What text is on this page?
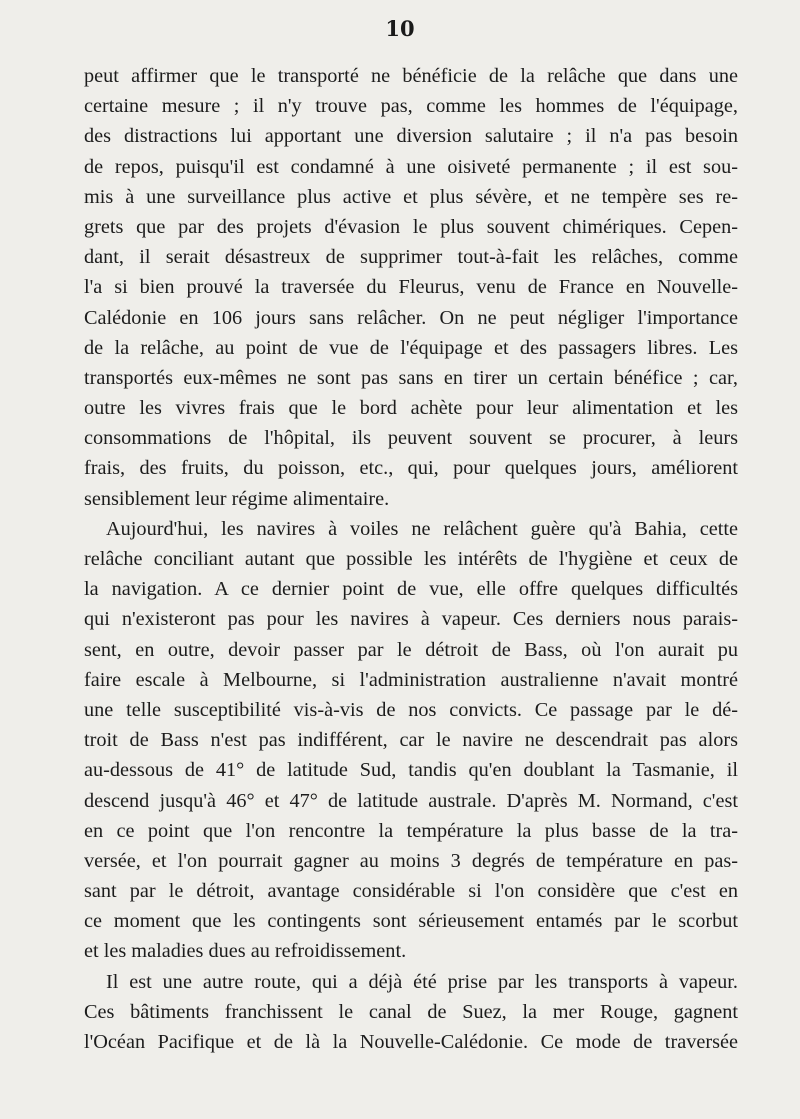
10
peut affirmer que le transporté ne bénéficie de la relâche que dans une
certaine mesure ; il n'y trouve pas, comme les hommes de l'équipage,
des distractions lui apportant une diversion salutaire ; il n'a pas besoin
de repos, puisqu'il est condamné à une oisiveté permanente ; il est sou-
mis à une surveillance plus active et plus sévère, et ne tempère ses re-
grets que par des projets d'évasion le plus souvent chimériques. Cepen-
dant, il serait désastreux de supprimer tout-à-fait les relâches, comme
l'a si bien prouvé la traversée du Fleurus, venu de France en Nouvelle-
Calédonie en 106 jours sans relâcher. On ne peut négliger l'importance
de la relâche, au point de vue de l'équipage et des passagers libres. Les
transportés eux-mêmes ne sont pas sans en tirer un certain bénéfice ; car,
outre les vivres frais que le bord achète pour leur alimentation et les
consommations de l'hôpital, ils peuvent souvent se procurer, à leurs
frais, des fruits, du poisson, etc., qui, pour quelques jours, améliorent
sensiblement leur régime alimentaire.
Aujourd'hui, les navires à voiles ne relâchent guère qu'à Bahia, cette
relâche conciliant autant que possible les intérêts de l'hygiène et ceux de
la navigation. A ce dernier point de vue, elle offre quelques difficultés
qui n'existeront pas pour les navires à vapeur. Ces derniers nous parais-
sent, en outre, devoir passer par le détroit de Bass, où l'on aurait pu
faire escale à Melbourne, si l'administration australienne n'avait montré
une telle susceptibilité vis-à-vis de nos convicts. Ce passage par le dé-
troit de Bass n'est pas indifférent, car le navire ne descendrait pas alors
au-dessous de 41° de latitude Sud, tandis qu'en doublant la Tasmanie, il
descend jusqu'à 46° et 47° de latitude australe. D'après M. Normand, c'est
en ce point que l'on rencontre la température la plus basse de la tra-
versée, et l'on pourrait gagner au moins 3 degrés de température en pas-
sant par le détroit, avantage considérable si l'on considère que c'est en
ce moment que les contingents sont sérieusement entamés par le scorbut
et les maladies dues au refroidissement.
Il est une autre route, qui a déjà été prise par les transports à vapeur.
Ces bâtiments franchissent le canal de Suez, la mer Rouge, gagnent
l'Océan Pacifique et de là la Nouvelle-Calédonie. Ce mode de traversée
